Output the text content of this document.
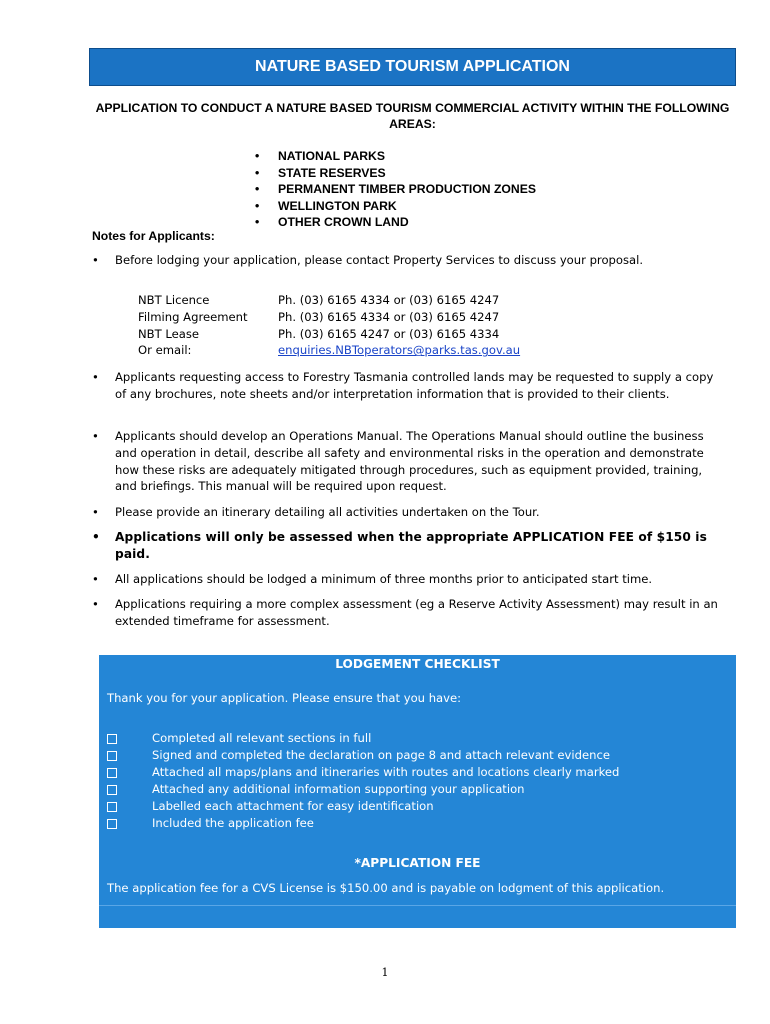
NATURE BASED TOURISM APPLICATION
APPLICATION TO CONDUCT A NATURE BASED TOURISM COMMERCIAL ACTIVITY WITHIN THE FOLLOWING AREAS:
• NATIONAL PARKS
• STATE RESERVES
• PERMANENT TIMBER PRODUCTION ZONES
• WELLINGTON PARK
• OTHER CROWN LAND
Notes for Applicants:
• Before lodging your application, please contact Property Services to discuss your proposal.
NBT Licence	Ph. (03) 6165 4334 or (03) 6165 4247
Filming Agreement	Ph. (03) 6165 4334 or (03) 6165 4247
NBT Lease	Ph. (03) 6165 4247 or (03) 6165 4334
Or email:	enquiries.NBToperators@parks.tas.gov.au
• Applicants requesting access to Forestry Tasmania controlled lands may be requested to supply a copy of any brochures, note sheets and/or interpretation information that is provided to their clients.
• Applicants should develop an Operations Manual. The Operations Manual should outline the business and operation in detail, describe all safety and environmental risks in the operation and demonstrate how these risks are adequately mitigated through procedures, such as equipment provided, training, and briefings. This manual will be required upon request.
• Please provide an itinerary detailing all activities undertaken on the Tour.
• Applications will only be assessed when the appropriate APPLICATION FEE of $150 is paid.
• All applications should be lodged a minimum of three months prior to anticipated start time.
• Applications requiring a more complex assessment (eg a Reserve Activity Assessment) may result in an extended timeframe for assessment.
LODGEMENT CHECKLIST
Thank you for your application. Please ensure that you have:
Completed all relevant sections in full
Signed and completed the declaration on page 8 and attach relevant evidence
Attached all maps/plans and itineraries with routes and locations clearly marked
Attached any additional information supporting your application
Labelled each attachment for easy identification
Included the application fee
*APPLICATION FEE
The application fee for a CVS License is $150.00 and is payable on lodgment of this application.
1
